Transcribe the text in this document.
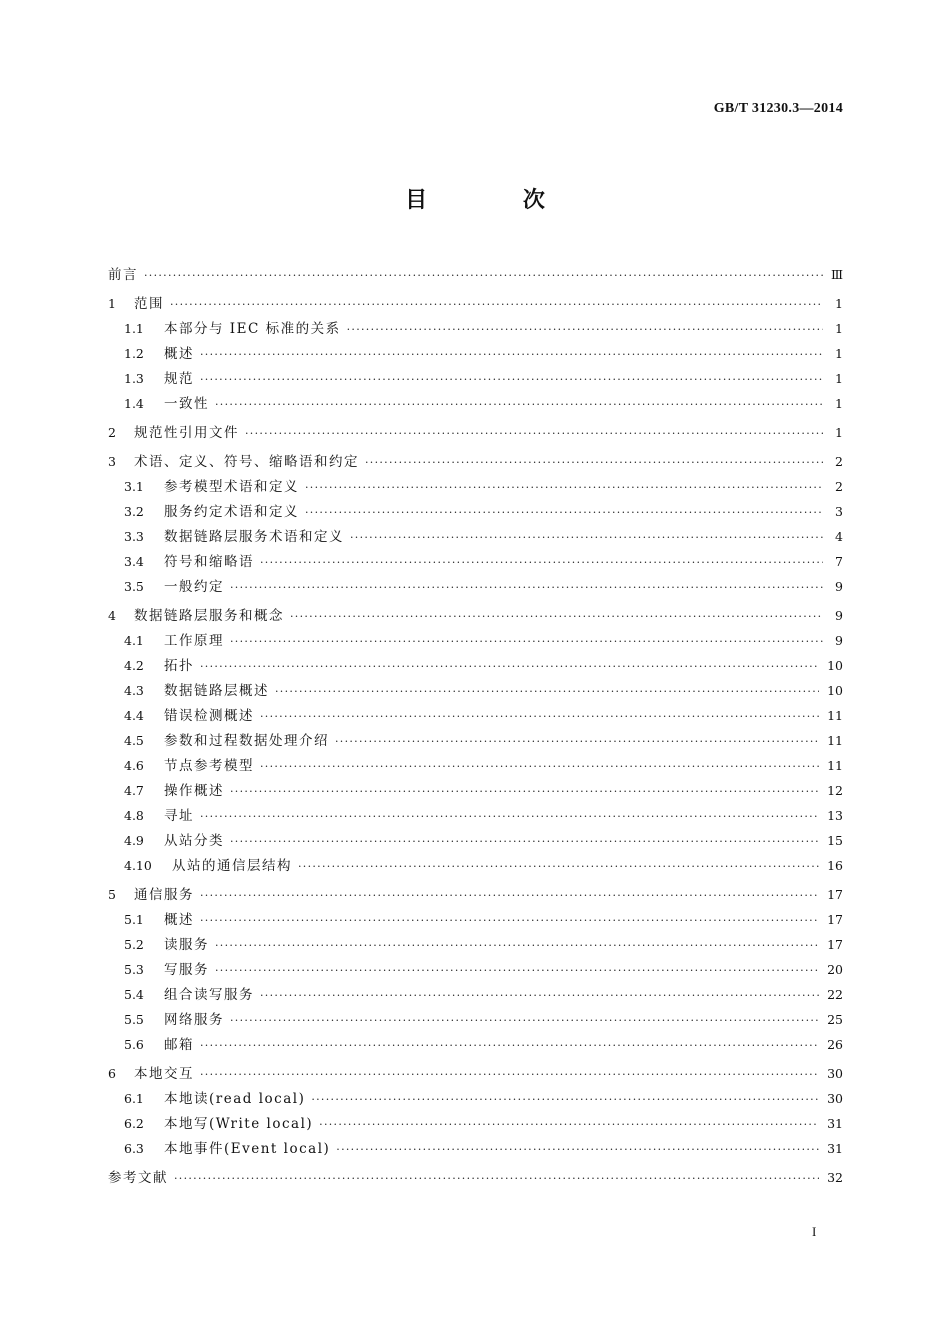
GB/T 31230.3—2014
目 次
前言 ·····	Ⅲ
1	范围 ·····	1
1.1	本部分与 IEC 标准的关系 ·····	1
1.2	概述 ·····	1
1.3	规范 ·····	1
1.4	一致性 ·····	1
2	规范性引用文件 ·····	1
3	术语、定义、符号、缩略语和约定 ·····	2
3.1	参考模型术语和定义 ·····	2
3.2	服务约定术语和定义 ·····	3
3.3	数据链路层服务术语和定义 ·····	4
3.4	符号和缩略语 ·····	7
3.5	一般约定 ·····	9
4	数据链路层服务和概念 ·····	9
4.1	工作原理 ·····	9
4.2	拓扑 ·····	10
4.3	数据链路层概述 ·····	10
4.4	错误检测概述 ·····	11
4.5	参数和过程数据处理介绍 ·····	11
4.6	节点参考模型 ·····	11
4.7	操作概述 ·····	12
4.8	寻址 ·····	13
4.9	从站分类 ·····	15
4.10	从站的通信层结构 ·····	16
5	通信服务 ·····	17
5.1	概述 ·····	17
5.2	读服务 ·····	17
5.3	写服务 ·····	20
5.4	组合读写服务 ·····	22
5.5	网络服务 ·····	25
5.6	邮箱 ·····	26
6	本地交互 ·····	30
6.1	本地读(read local) ·····	30
6.2	本地写(Write local) ·····	31
6.3	本地事件(Event local) ·····	31
参考文献 ·····	32
I
